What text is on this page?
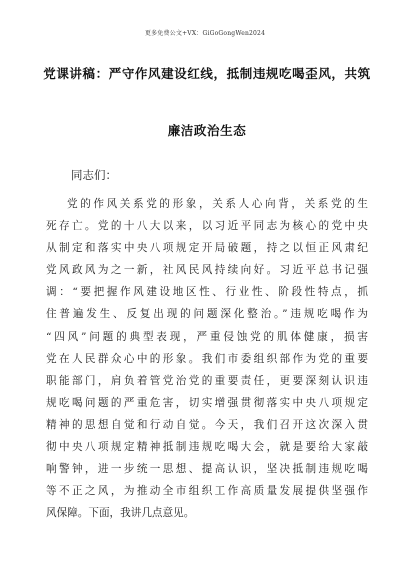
更多免费公文+VX：GiGoGongWen2024
党课讲稿：严守作风建设红线，抵制违规吃喝歪风，共筑
廉洁政治生态
同志们：
党的作风关系党的形象，关系人心向背，关系党的生
死存亡。党的十八大以来，以习近平同志为核心的党中央
从制定和落实中央八项规定开局破题，持之以恒正风肃纪
党风政风为之一新，社风民风持续向好。习近平总书记强
调：“要把握作风建设地区性、行业性、阶段性特点，抓
住普遍发生、反复出现的问题深化整治。”违规吃喝作为
“四风”问题的典型表现，严重侵蚀党的肌体健康，损害
党在人民群众心中的形象。我们市委组织部作为党的重要
职能部门，肩负着管党治党的重要责任，更要深刻认识违
规吃喝问题的严重危害，切实增强贯彻落实中央八项规定
精神的思想自觉和行动自觉。今天，我们召开这次深入贯
彻中央八项规定精神抵制违规吃喝大会，就是要给大家敲
响警钟，进一步统一思想、提高认识，坚决抵制违规吃喝
等不正之风，为推动全市组织工作高质量发展提供坚强作
风保障。下面，我讲几点意见。
